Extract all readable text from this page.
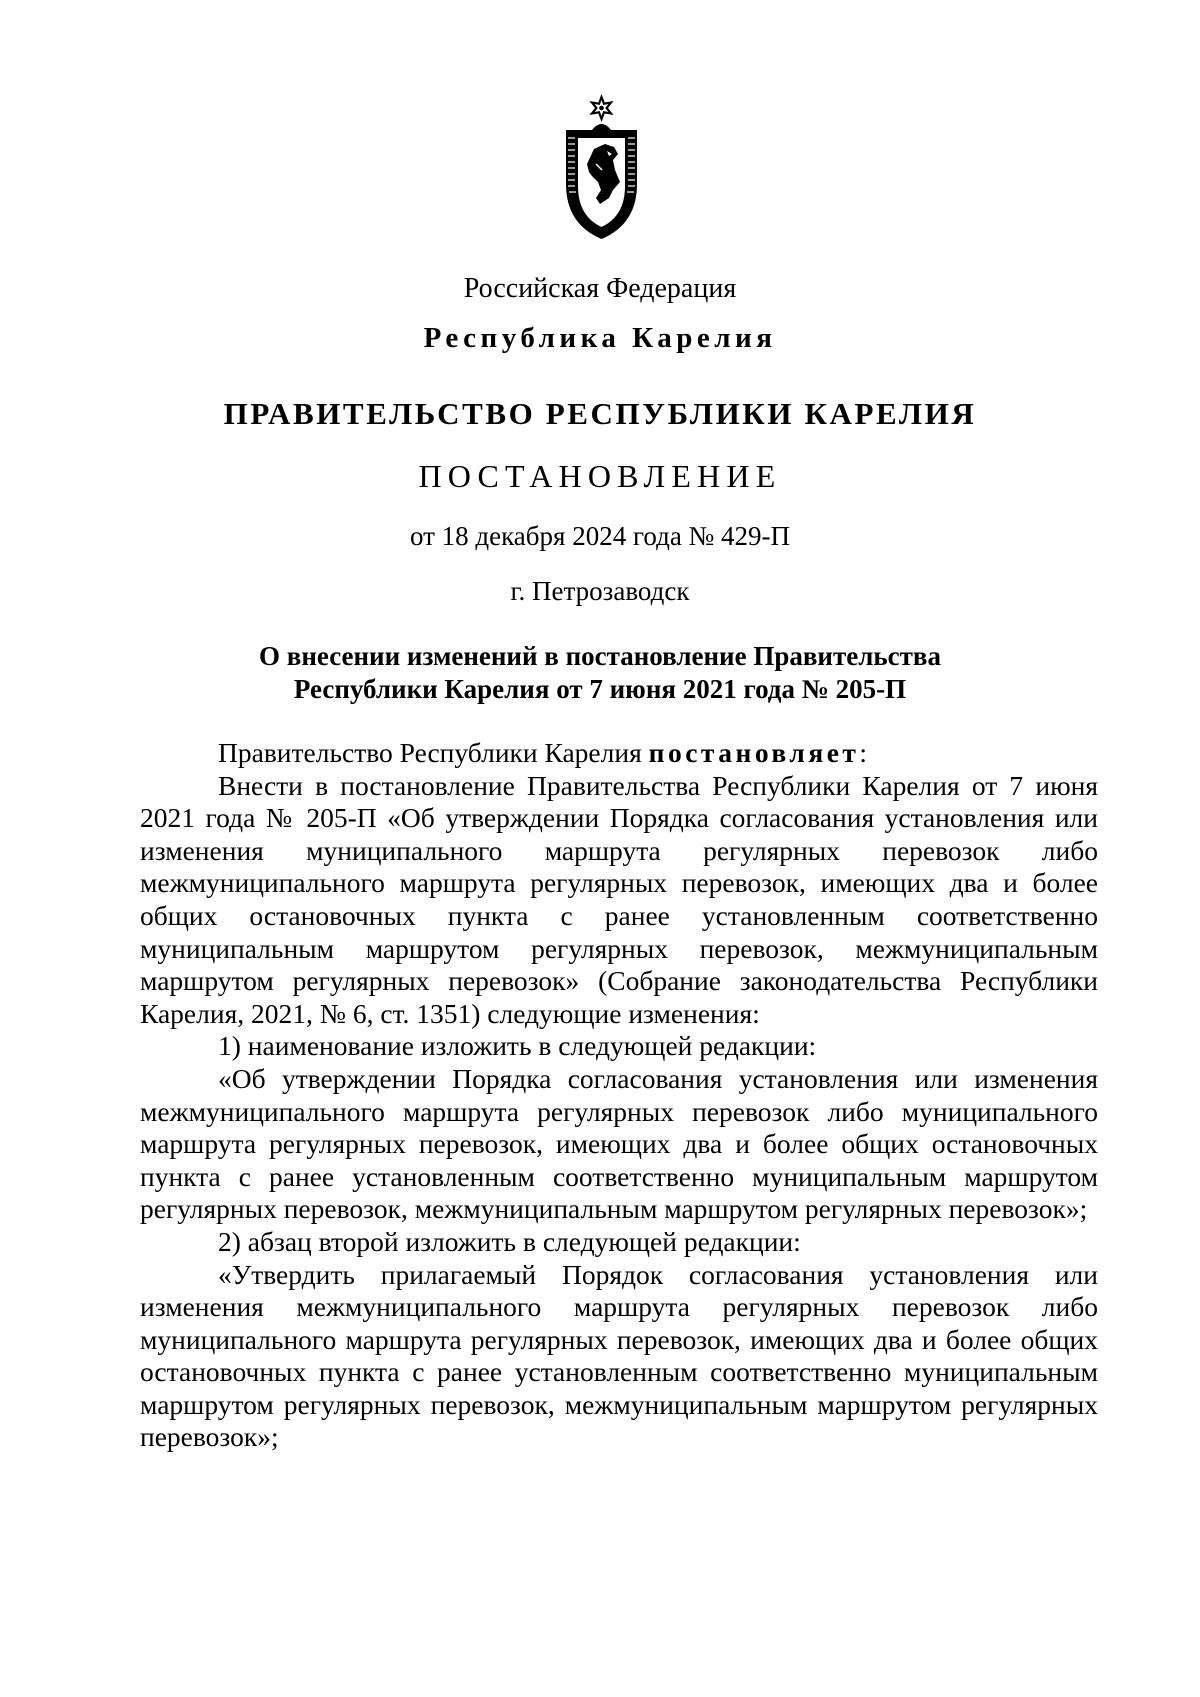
Российская Федерация
Республика Карелия
ПРАВИТЕЛЬСТВО РЕСПУБЛИКИ КАРЕЛИЯ
ПОСТАНОВЛЕНИЕ
от 18 декабря 2024 года № 429-П
г. Петрозаводск
О внесении изменений в постановление Правительства
Республики Карелия от 7 июня 2021 года № 205-П

Правительство Республики Карелия постановляет:

Внести в постановление Правительства Республики Карелия от 7 июня 2021 года № 205-П «Об утверждении Порядка согласования установления или изменения муниципального маршрута регулярных перевозок либо межмуниципального маршрута регулярных перевозок, имеющих два и более общих остановочных пункта с ранее установленным соответственно муниципальным маршрутом регулярных перевозок, межмуниципальным маршрутом регулярных перевозок» (Собрание законодательства Республики Карелия, 2021, № 6, ст. 1351) следующие изменения:

1) наименование изложить в следующей редакции:

«Об утверждении Порядка согласования установления или изменения межмуниципального маршрута регулярных перевозок либо муниципального маршрута регулярных перевозок, имеющих два и более общих остановочных пункта с ранее установленным соответственно муниципальным маршрутом регулярных перевозок, межмуниципальным маршрутом регулярных перевозок»;

2) абзац второй изложить в следующей редакции:

«Утвердить прилагаемый Порядок согласования установления или изменения межмуниципального маршрута регулярных перевозок либо муниципального маршрута регулярных перевозок, имеющих два и более общих остановочных пункта с ранее установленным соответственно муниципальным маршрутом регулярных перевозок, межмуниципальным маршрутом регулярных перевозок»;
